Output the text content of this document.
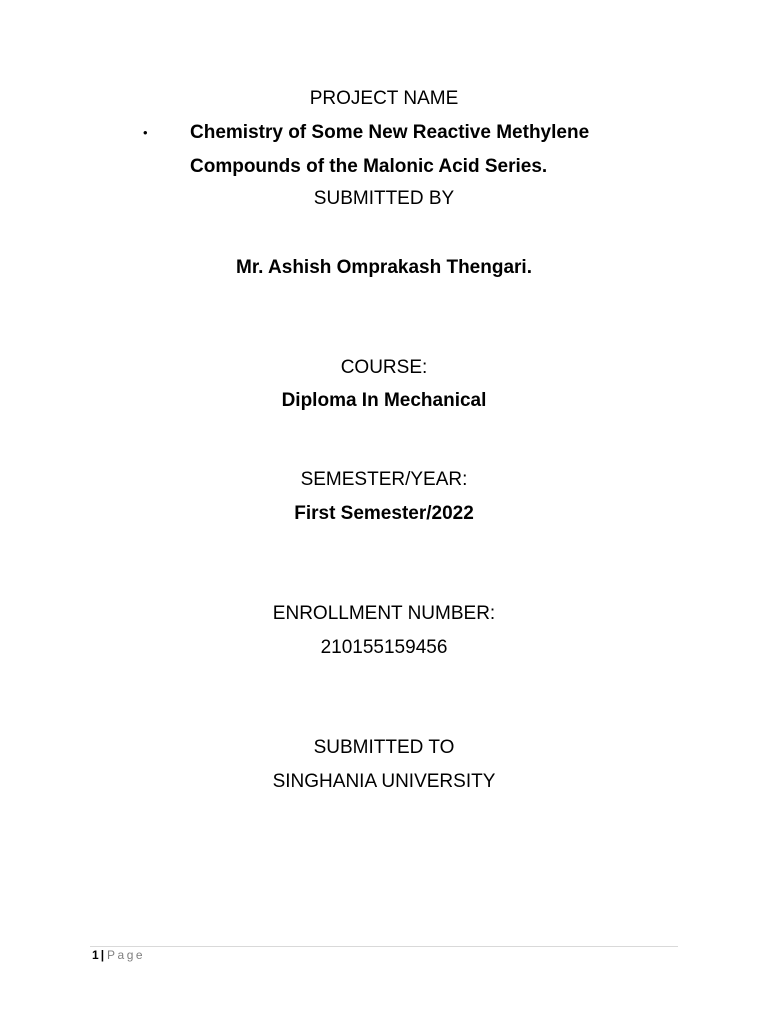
PROJECT NAME
• Chemistry of Some New Reactive Methylene
Compounds of the Malonic Acid Series.
SUBMITTED BY
Mr. Ashish Omprakash Thengari.
COURSE:
Diploma In Mechanical
SEMESTER/YEAR:
First Semester/2022
ENROLLMENT NUMBER:
210155159456
SUBMITTED TO
SINGHANIA UNIVERSITY
1 | Page
